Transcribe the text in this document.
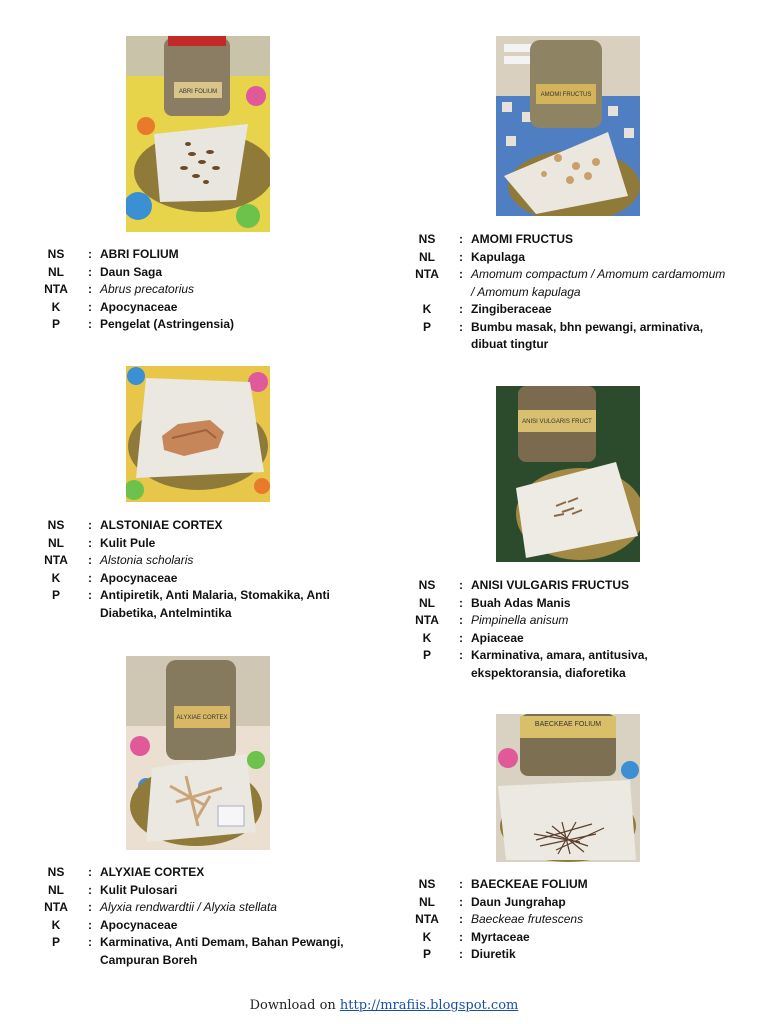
ABRI FOLIUM	AMOMI FRUCTUS
ANISI VULGARIS FRUCT
ALYXIAE CORTEX
BAECKEAE FOLIUM
NS	: ABRI FOLIUM
NL	: Daun Saga
NTA	: Abrus precatorius
K	: Apocynaceae
P	: Pengelat (Astringensia)
NS	: AMOMI FRUCTUS
NL	: Kapulaga
NTA	: Amomum compactum / Amomum cardamomum / Amomum kapulaga
K	: Zingiberaceae
P	: Bumbu masak, bhn pewangi, arminativa, dibuat tingtur
NS	: ALSTONIAE CORTEX
NL	: Kulit Pule
NTA	: Alstonia scholaris
K	: Apocynaceae
P	: Antipiretik, Anti Malaria, Stomakika, Anti Diabetika, Antelmintika
NS	: ANISI VULGARIS FRUCTUS
NL	: Buah Adas Manis
NTA	: Pimpinella anisum
K	: Apiaceae
P	: Karminativa, amara, antitusiva, ekspektoransia, diaforetika
NS	: ALYXIAE CORTEX
NL	: Kulit Pulosari
NTA	: Alyxia rendwardtii / Alyxia stellata
K	: Apocynaceae
P	: Karminativa, Anti Demam, Bahan Pewangi, Campuran Boreh
NS	: BAECKEAE FOLIUM
NL	: Daun Jungrahap
NTA	: Baeckeae frutescens
K	: Myrtaceae
P	: Diuretik
Download on http://mrafiis.blogspot.com
